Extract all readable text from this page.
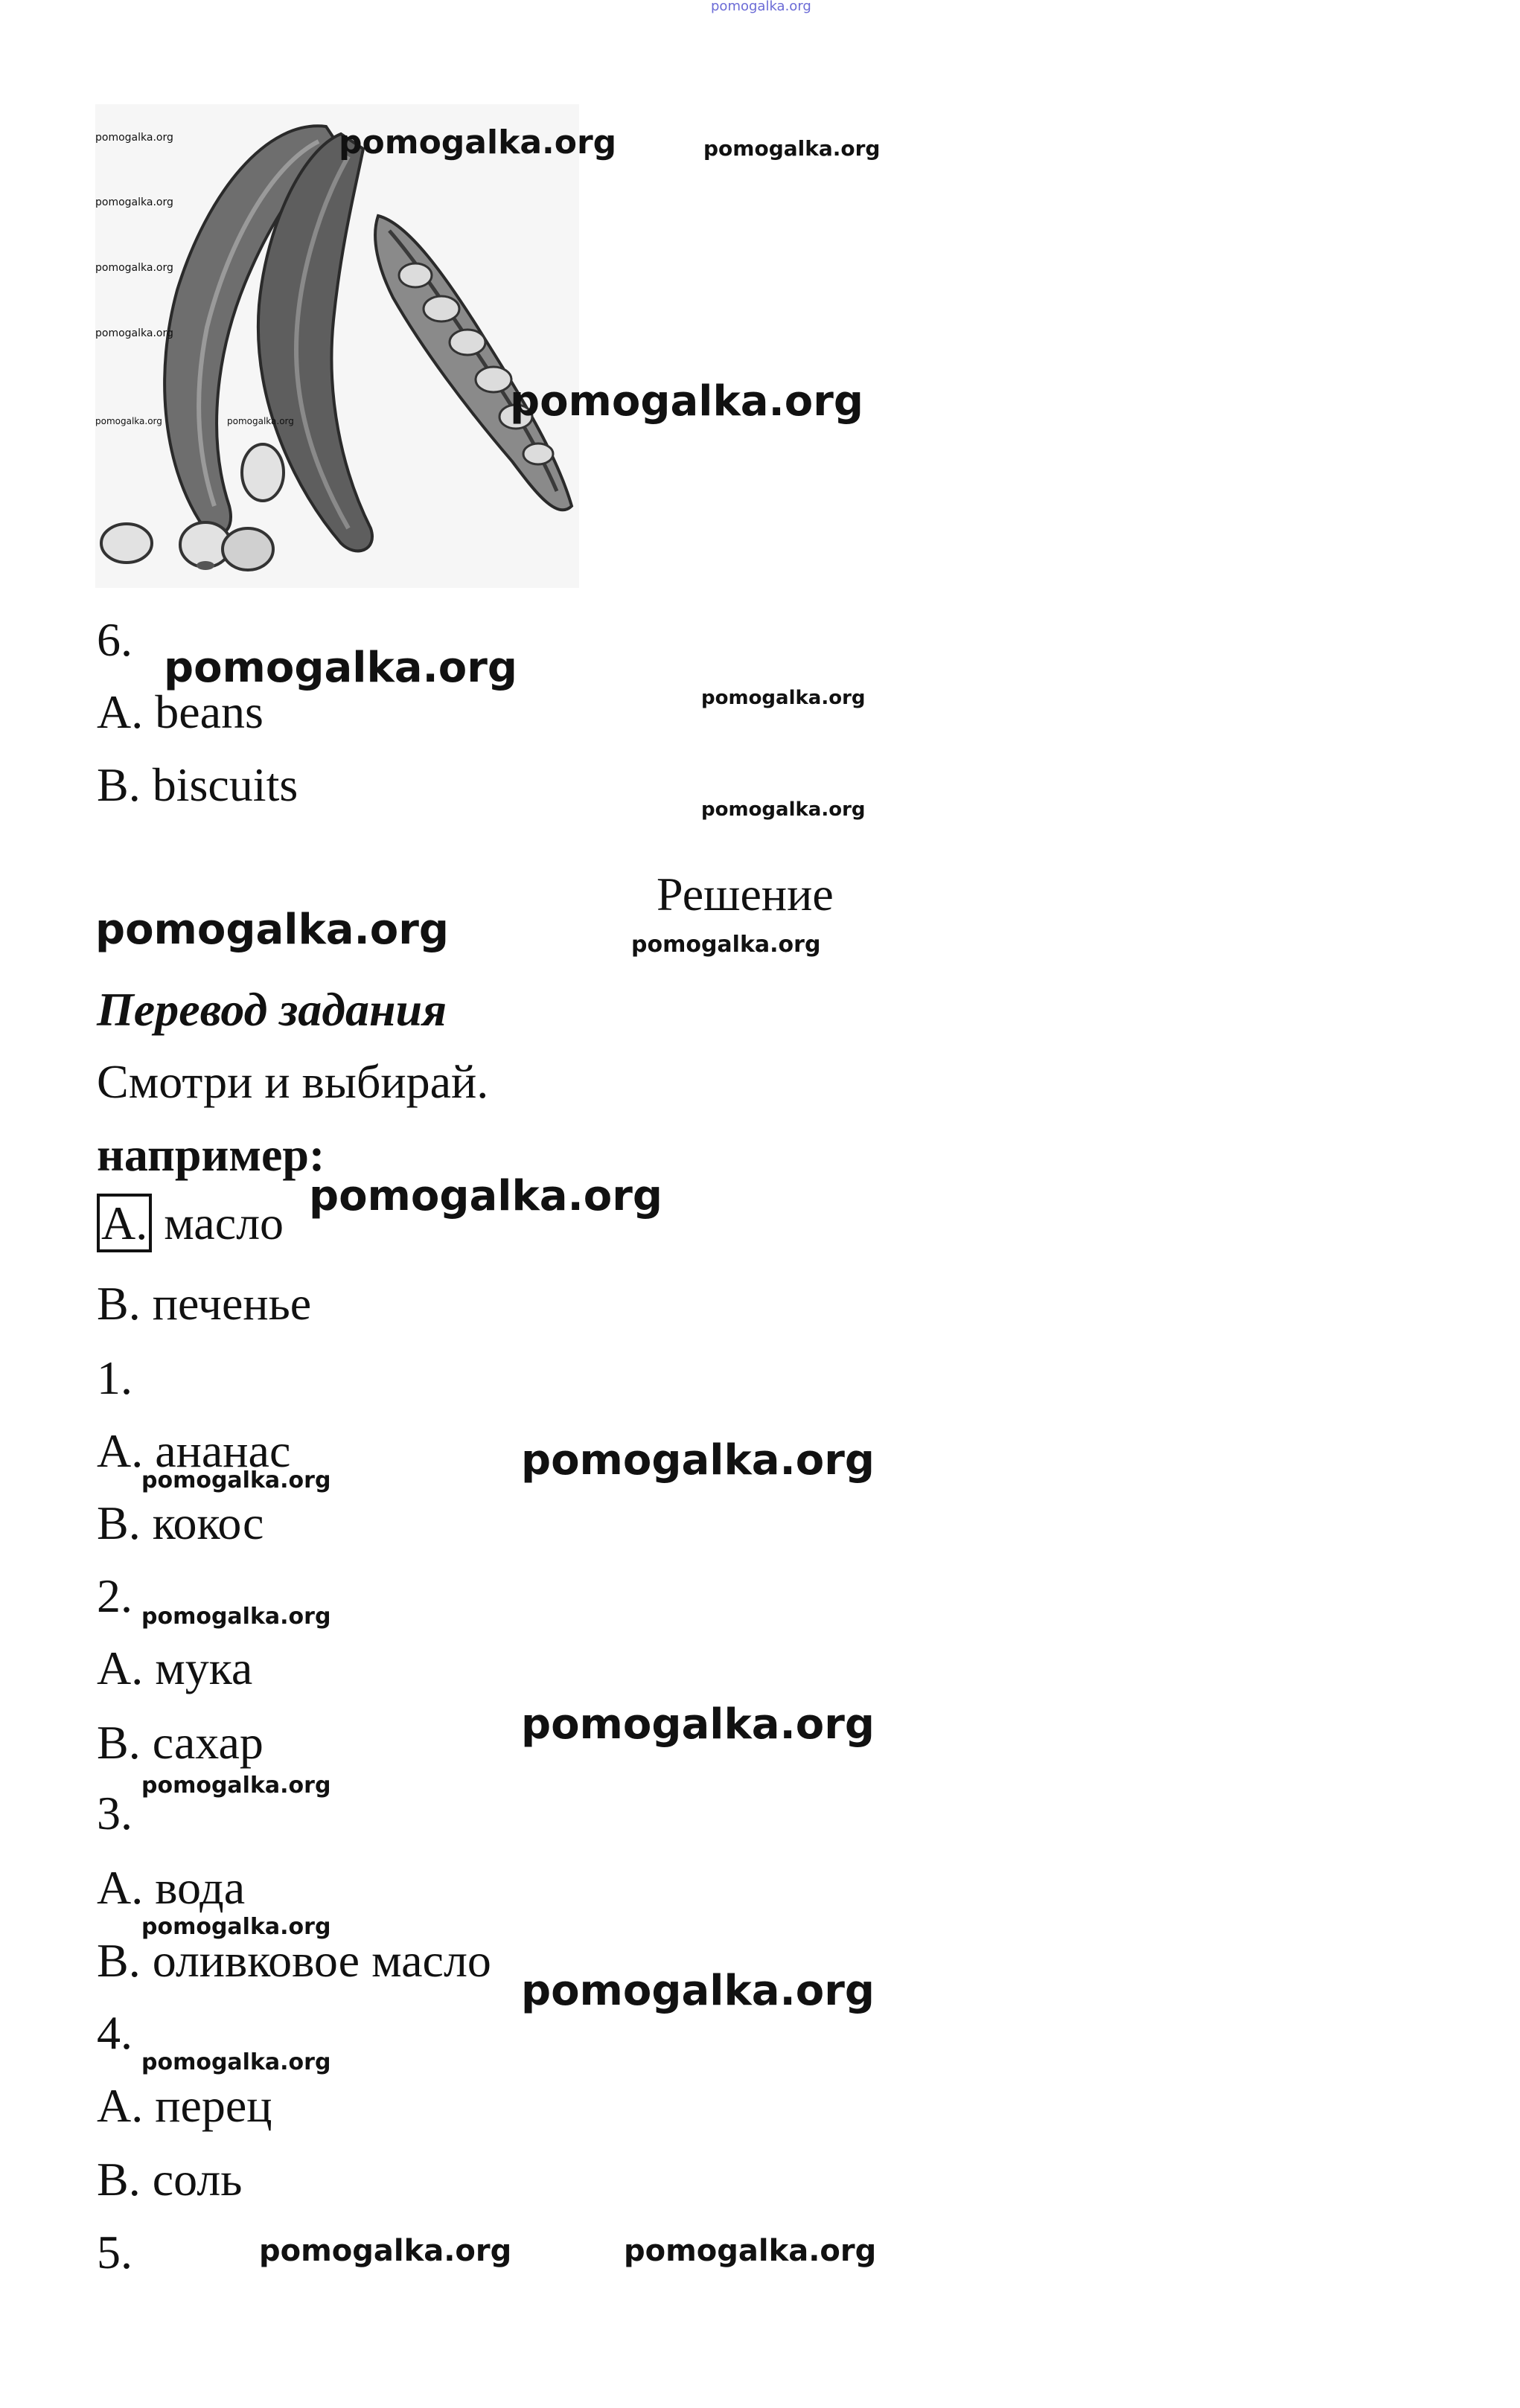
pomogalka.org
pomogalka.org
pomogalka.org
pomogalka.org
pomogalka.org
pomogalka.org	pomogalka.org
pomogalka.org
pomogalka.org
pomogalka.org
6.
pomogalka.org
A. beans	pomogalka.org
B. biscuits	pomogalka.org
Решение
pomogalka.org	pomogalka.org
Перевод задания
Смотри и выбирай.
например:
pomogalka.org
A. масло
B. печенье
1.
A. ананас
pomogalka.org	pomogalka.org
B. кокос
2. pomogalka.org
A. мука
B. сахар	pomogalka.org
pomogalka.org
3.
A. вода
pomogalka.org
B. оливковое масло
pomogalka.org
4.
pomogalka.org
A. перец
B. соль
5.	pomogalka.org	pomogalka.org
